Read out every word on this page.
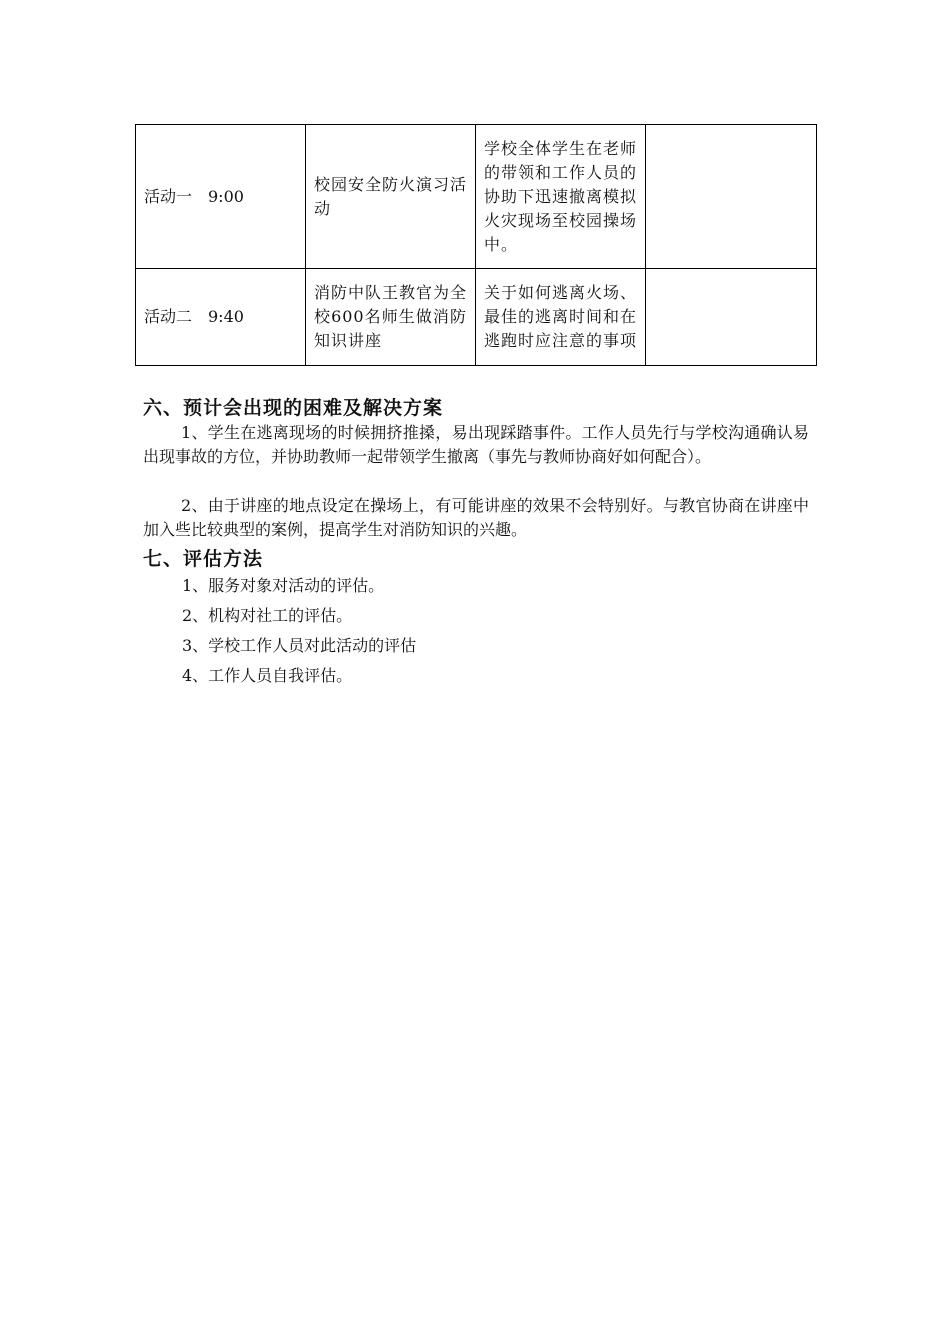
活动一　9:00	校园安全防火演习活动	学校全体学生在老师的带领和工作人员的协助下迅速撤离模拟火灾现场至校园操场中。	
活动二　9:40	消防中队王教官为全校600名师生做消防知识讲座	关于如何逃离火场、最佳的逃离时间和在逃跑时应注意的事项	
六、预计会出现的困难及解决方案
1、学生在逃离现场的时候拥挤推搡，易出现踩踏事件。工作人员先行与学校沟通确认易出现事故的方位，并协助教师一起带领学生撤离（事先与教师协商好如何配合）。
2、由于讲座的地点设定在操场上，有可能讲座的效果不会特别好。与教官协商在讲座中加入些比较典型的案例，提高学生对消防知识的兴趣。
七、评估方法
1、服务对象对活动的评估。
2、机构对社工的评估。
3、学校工作人员对此活动的评估
4、工作人员自我评估。
